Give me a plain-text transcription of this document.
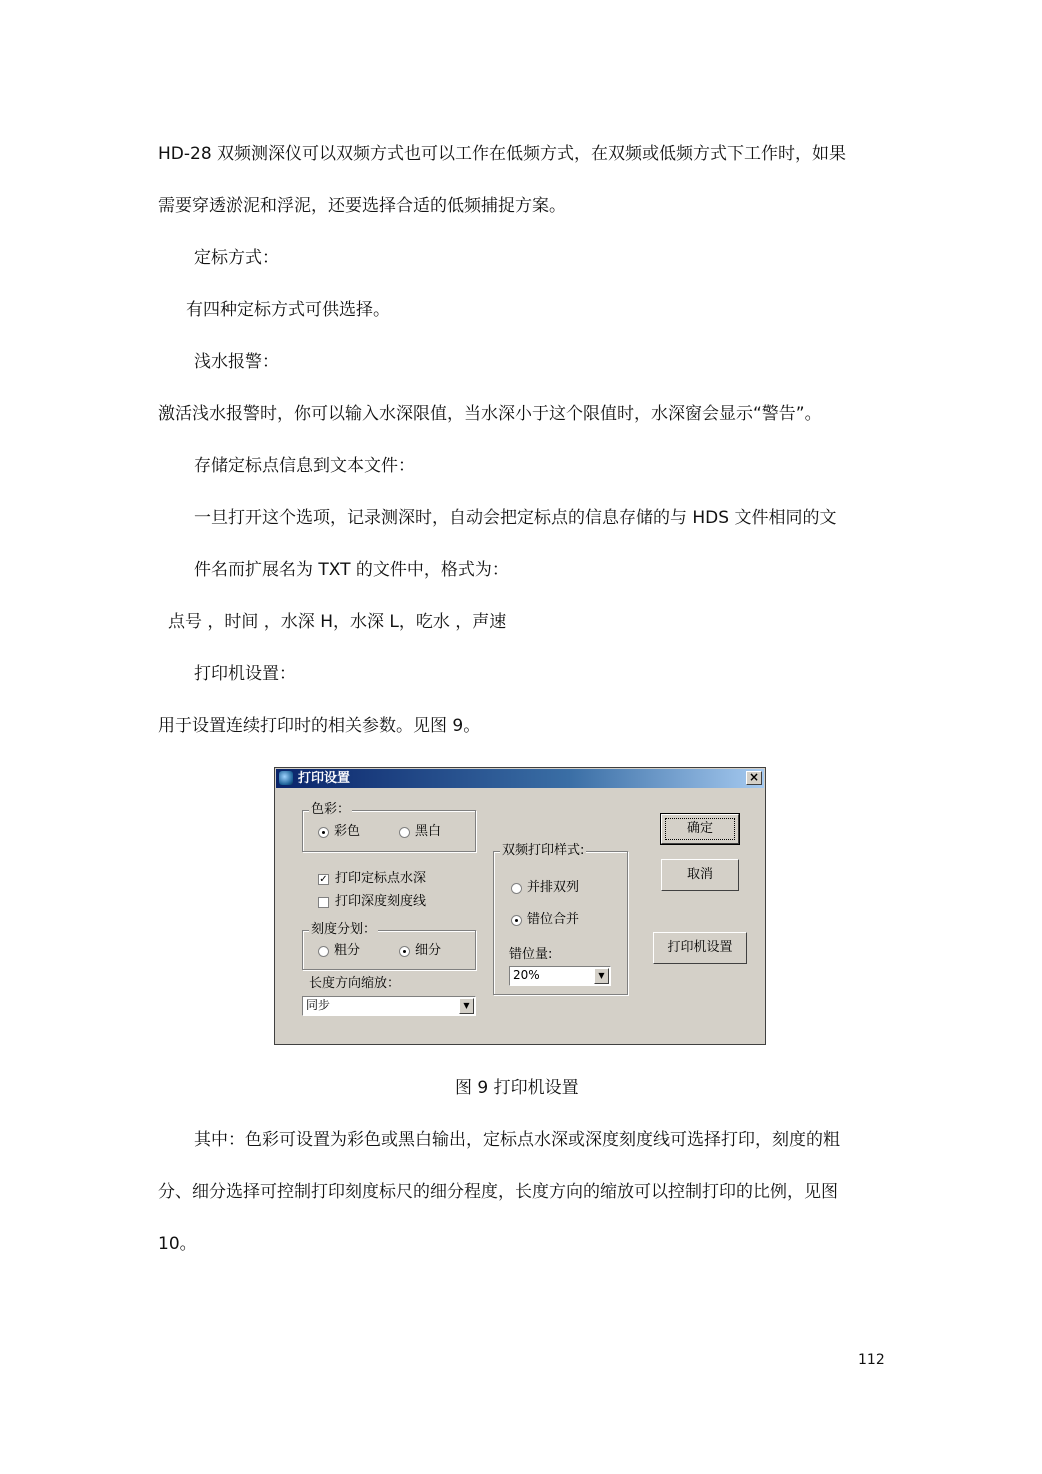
HD-28 双频测深仪可以双频方式也可以工作在低频方式，在双频或低频方式下工作时，如果
需要穿透淤泥和浮泥，还要选择合适的低频捕捉方案。
定标方式：
有四种定标方式可供选择。
浅水报警：
激活浅水报警时，你可以输入水深限值，当水深小于这个限值时，水深窗会显示“警告”。
存储定标点信息到文本文件：
一旦打开这个选项，记录测深时，自动会把定标点的信息存储的与 HDS 文件相同的文
件名而扩展名为 TXT 的文件中，格式为：
点号 ，时间 ，水深 H，水深 L，吃水 ，声速
打印机设置：
用于设置连续打印时的相关参数。见图 9。
打印设置	×
色彩：
彩色	黑白
✓ 打印定标点水深
打印深度刻度线
刻度分划：
粗分	细分
长度方向缩放：
同步	▼
双频打印样式:
并排双列
错位合并
错位量:
20%	▼
确定
取消
打印机设置
图 9 打印机设置
其中：色彩可设置为彩色或黑白输出，定标点水深或深度刻度线可选择打印，刻度的粗
分、细分选择可控制打印刻度标尺的细分程度，长度方向的缩放可以控制打印的比例，见图
10。
112
